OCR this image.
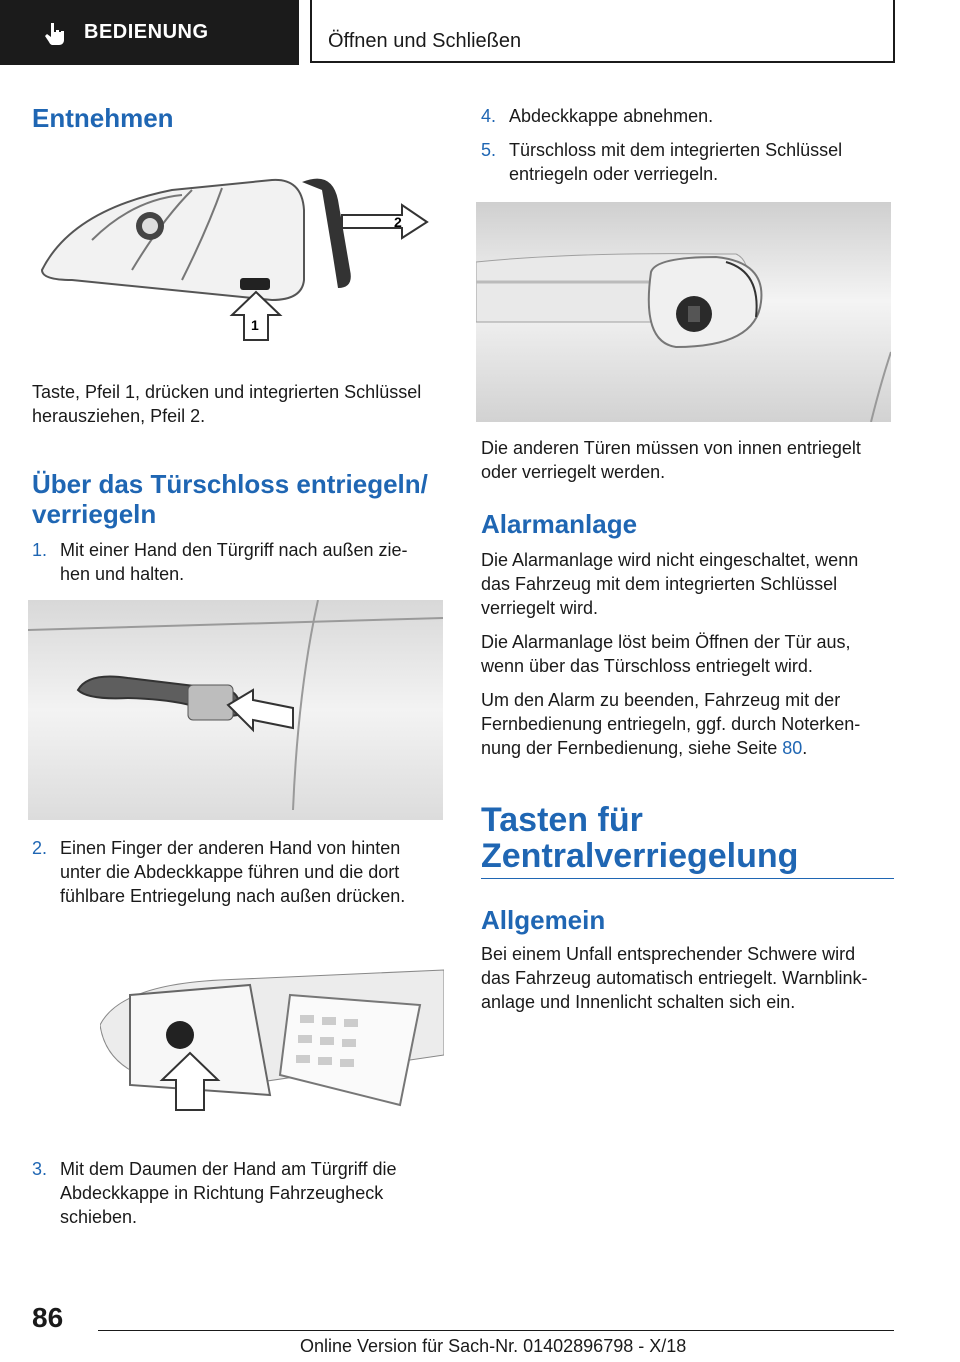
BEDIENUNG	Öffnen und Schließen
Entnehmen
2
1
Taste, Pfeil 1, drücken und integrierten Schlüssel herausziehen, Pfeil 2.
Über das Türschloss entriegeln/
verriegeln
1. Mit einer Hand den Türgriff nach außen zie-
hen und halten.
2. Einen Finger der anderen Hand von hinten
unter die Abdeckkappe führen und die dort
fühlbare Entriegelung nach außen drücken.
3. Mit dem Daumen der Hand am Türgriff die
Abdeckkappe in Richtung Fahrzeugheck
schieben.
4. Abdeckkappe abnehmen.
5. Türschloss mit dem integrierten Schlüssel
entriegeln oder verriegeln.
Die anderen Türen müssen von innen entriegelt
oder verriegelt werden.
Alarmanlage
Die Alarmanlage wird nicht eingeschaltet, wenn
das Fahrzeug mit dem integrierten Schlüssel
verriegelt wird.
Die Alarmanlage löst beim Öffnen der Tür aus,
wenn über das Türschloss entriegelt wird.
Um den Alarm zu beenden, Fahrzeug mit der
Fernbedienung entriegeln, ggf. durch Noterken-
nung der Fernbedienung, siehe Seite 80.
Tasten für
Zentralverriegelung
Allgemein
Bei einem Unfall entsprechender Schwere wird
das Fahrzeug automatisch entriegelt. Warnblink-
anlage und Innenlicht schalten sich ein.
86
Online Version für Sach-Nr. 01402896798 - X/18
